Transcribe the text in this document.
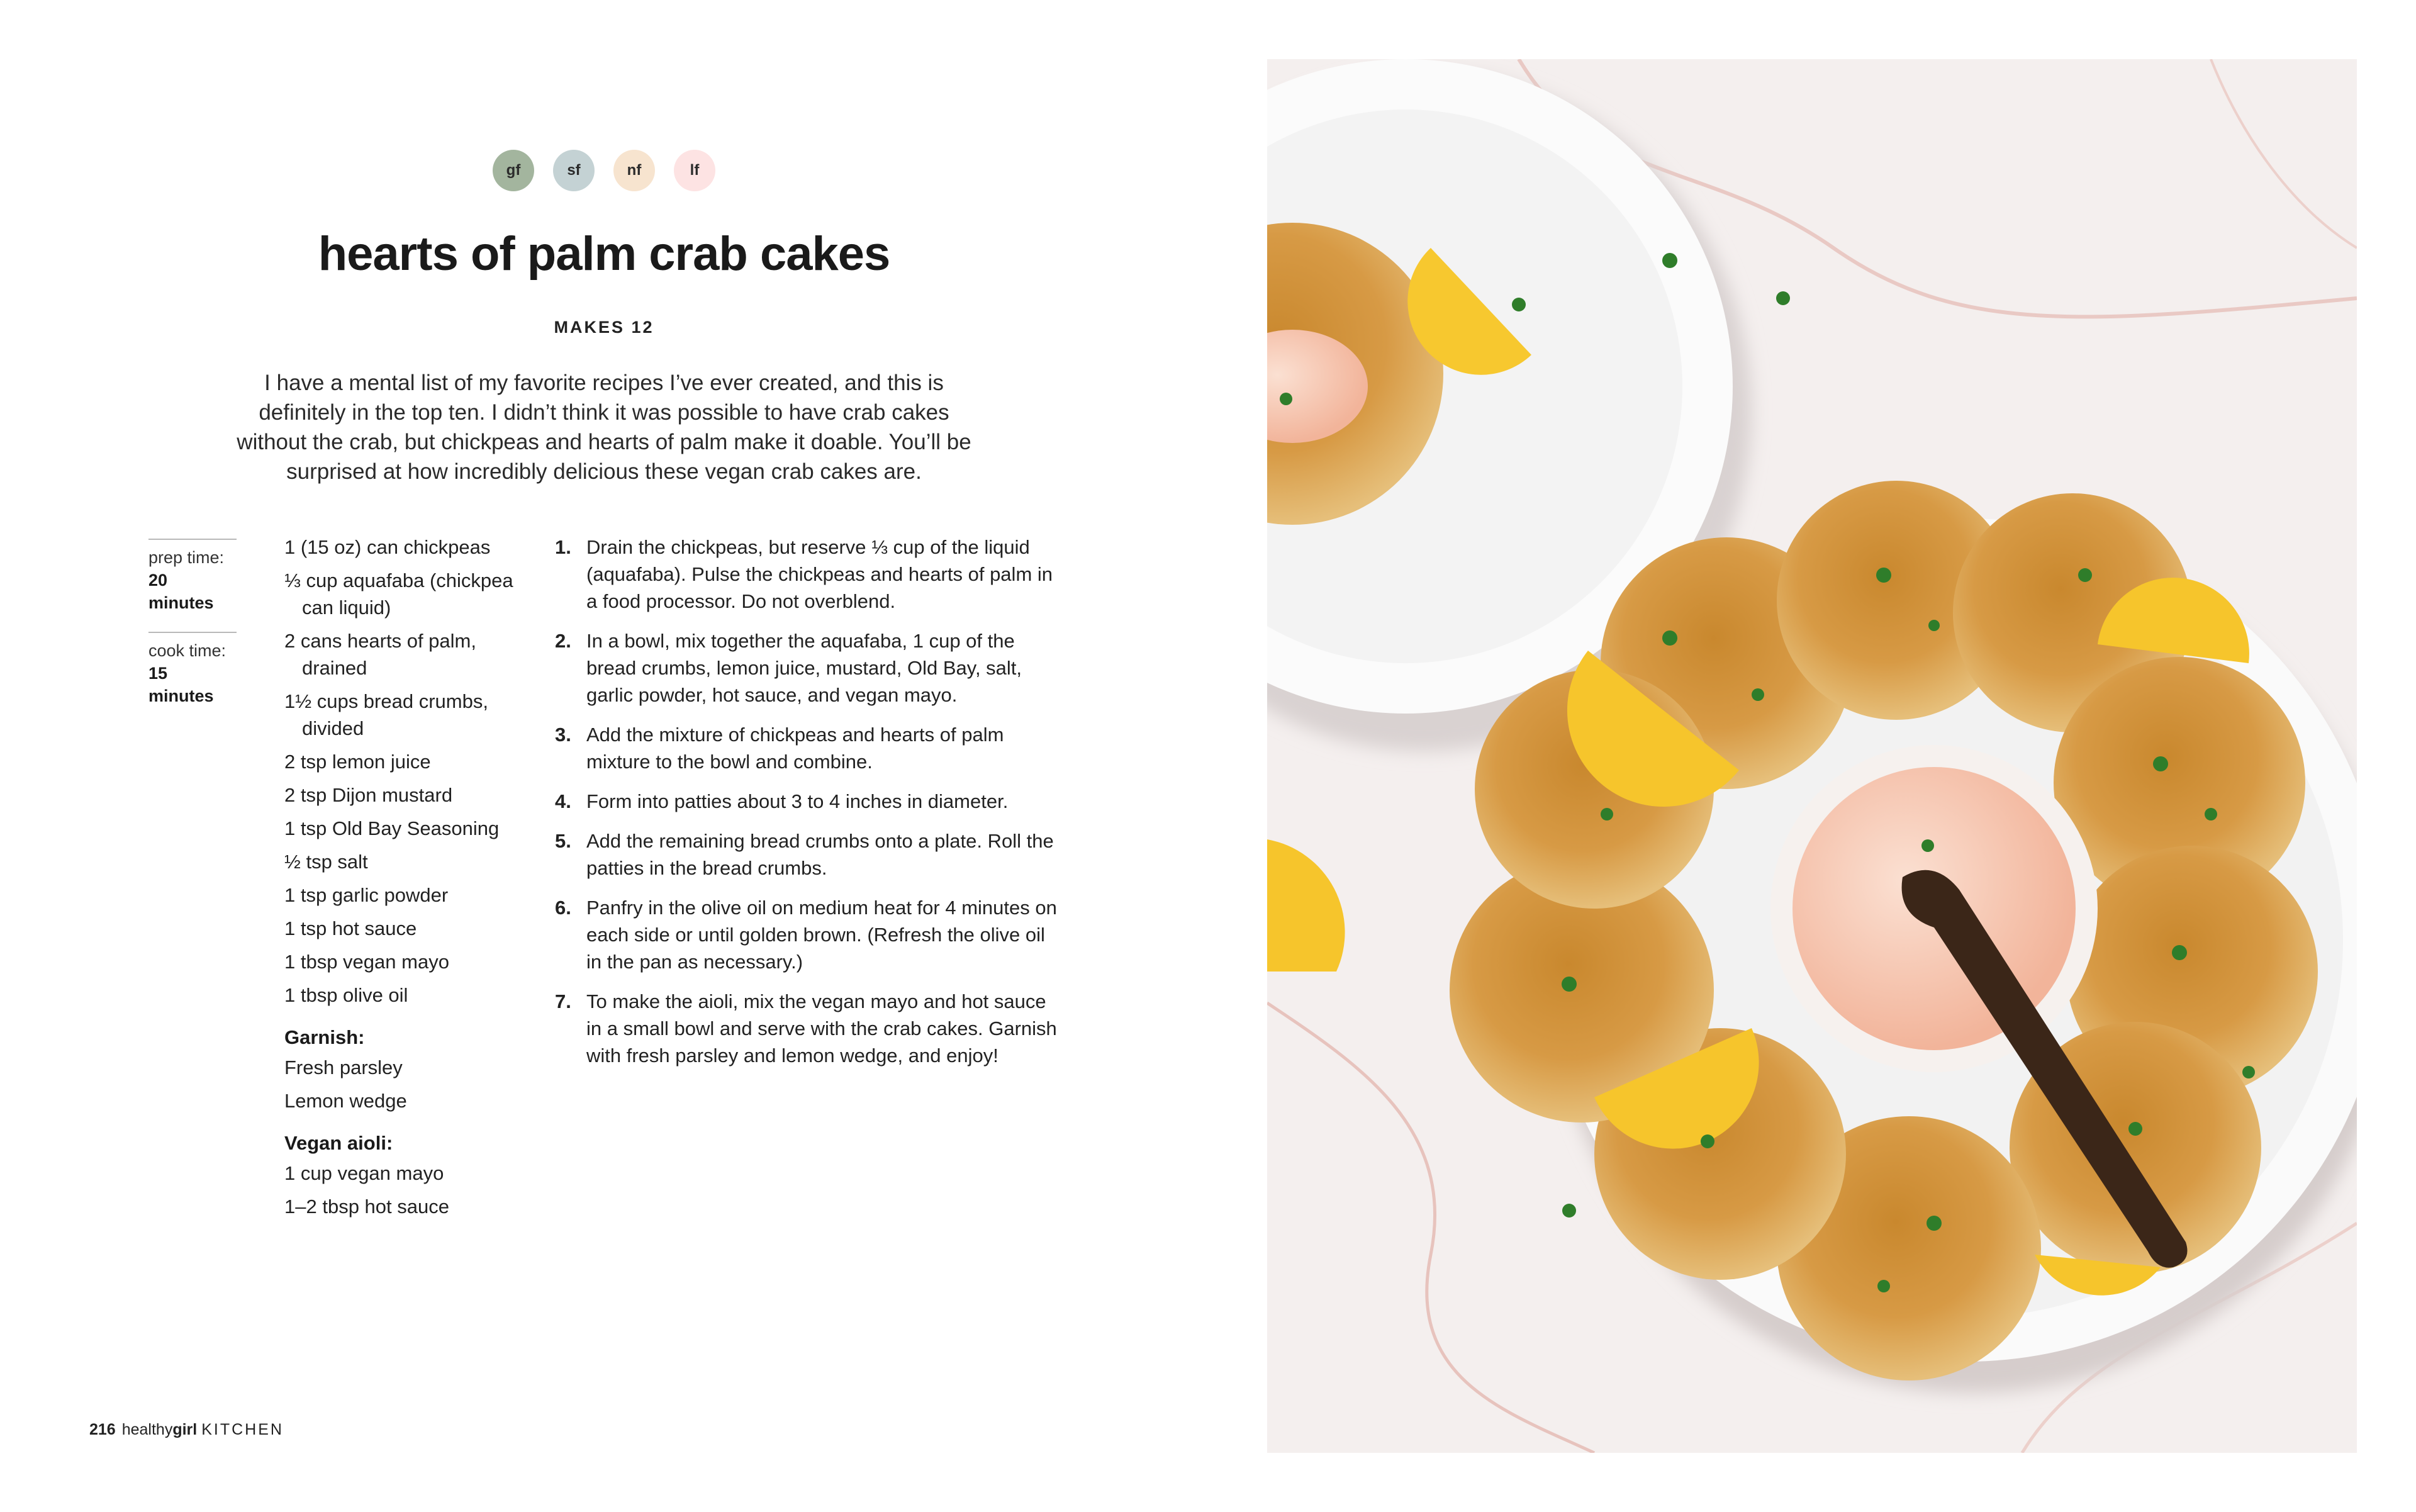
gf	sf	nf	lf
hearts of palm crab cakes
MAKES 12

I have a mental list of my favorite recipes I’ve ever created, and this is definitely in the top ten. I didn’t think it was possible to have crab cakes without the crab, but chickpeas and hearts of palm make it doable. You’ll be surprised at how incredibly delicious these vegan crab cakes are.

prep time:
20 minutes
cook time:
15 minutes
1 (15 oz) can chickpeas
⅓ cup aquafaba (chickpea can liquid)
2 cans hearts of palm, drained
1½ cups bread crumbs, divided
2 tsp lemon juice
2 tsp Dijon mustard
1 tsp Old Bay Seasoning
½ tsp salt
1 tsp garlic powder
1 tsp hot sauce
1 tbsp vegan mayo
1 tbsp olive oil
Garnish:
Fresh parsley
Lemon wedge
Vegan aioli:
1 cup vegan mayo
1–2 tbsp hot sauce
1. Drain the chickpeas, but reserve ⅓ cup of the liquid (aquafaba). Pulse the chickpeas and hearts of palm in a food processor. Do not overblend.
2. In a bowl, mix together the aquafaba, 1 cup of the bread crumbs, lemon juice, mustard, Old Bay, salt, garlic powder, hot sauce, and vegan mayo.
3. Add the mixture of chickpeas and hearts of palm mixture to the bowl and combine.
4. Form into patties about 3 to 4 inches in diameter.
5. Add the remaining bread crumbs onto a plate. Roll the patties in the bread crumbs.
6. Panfry in the olive oil on medium heat for 4 minutes on each side or until golden brown. (Refresh the olive oil in the pan as necessary.)
7. To make the aioli, mix the vegan mayo and hot sauce in a small bowl and serve with the crab cakes. Garnish with fresh parsley and lemon wedge, and enjoy!
216 healthygirl KITCHEN
